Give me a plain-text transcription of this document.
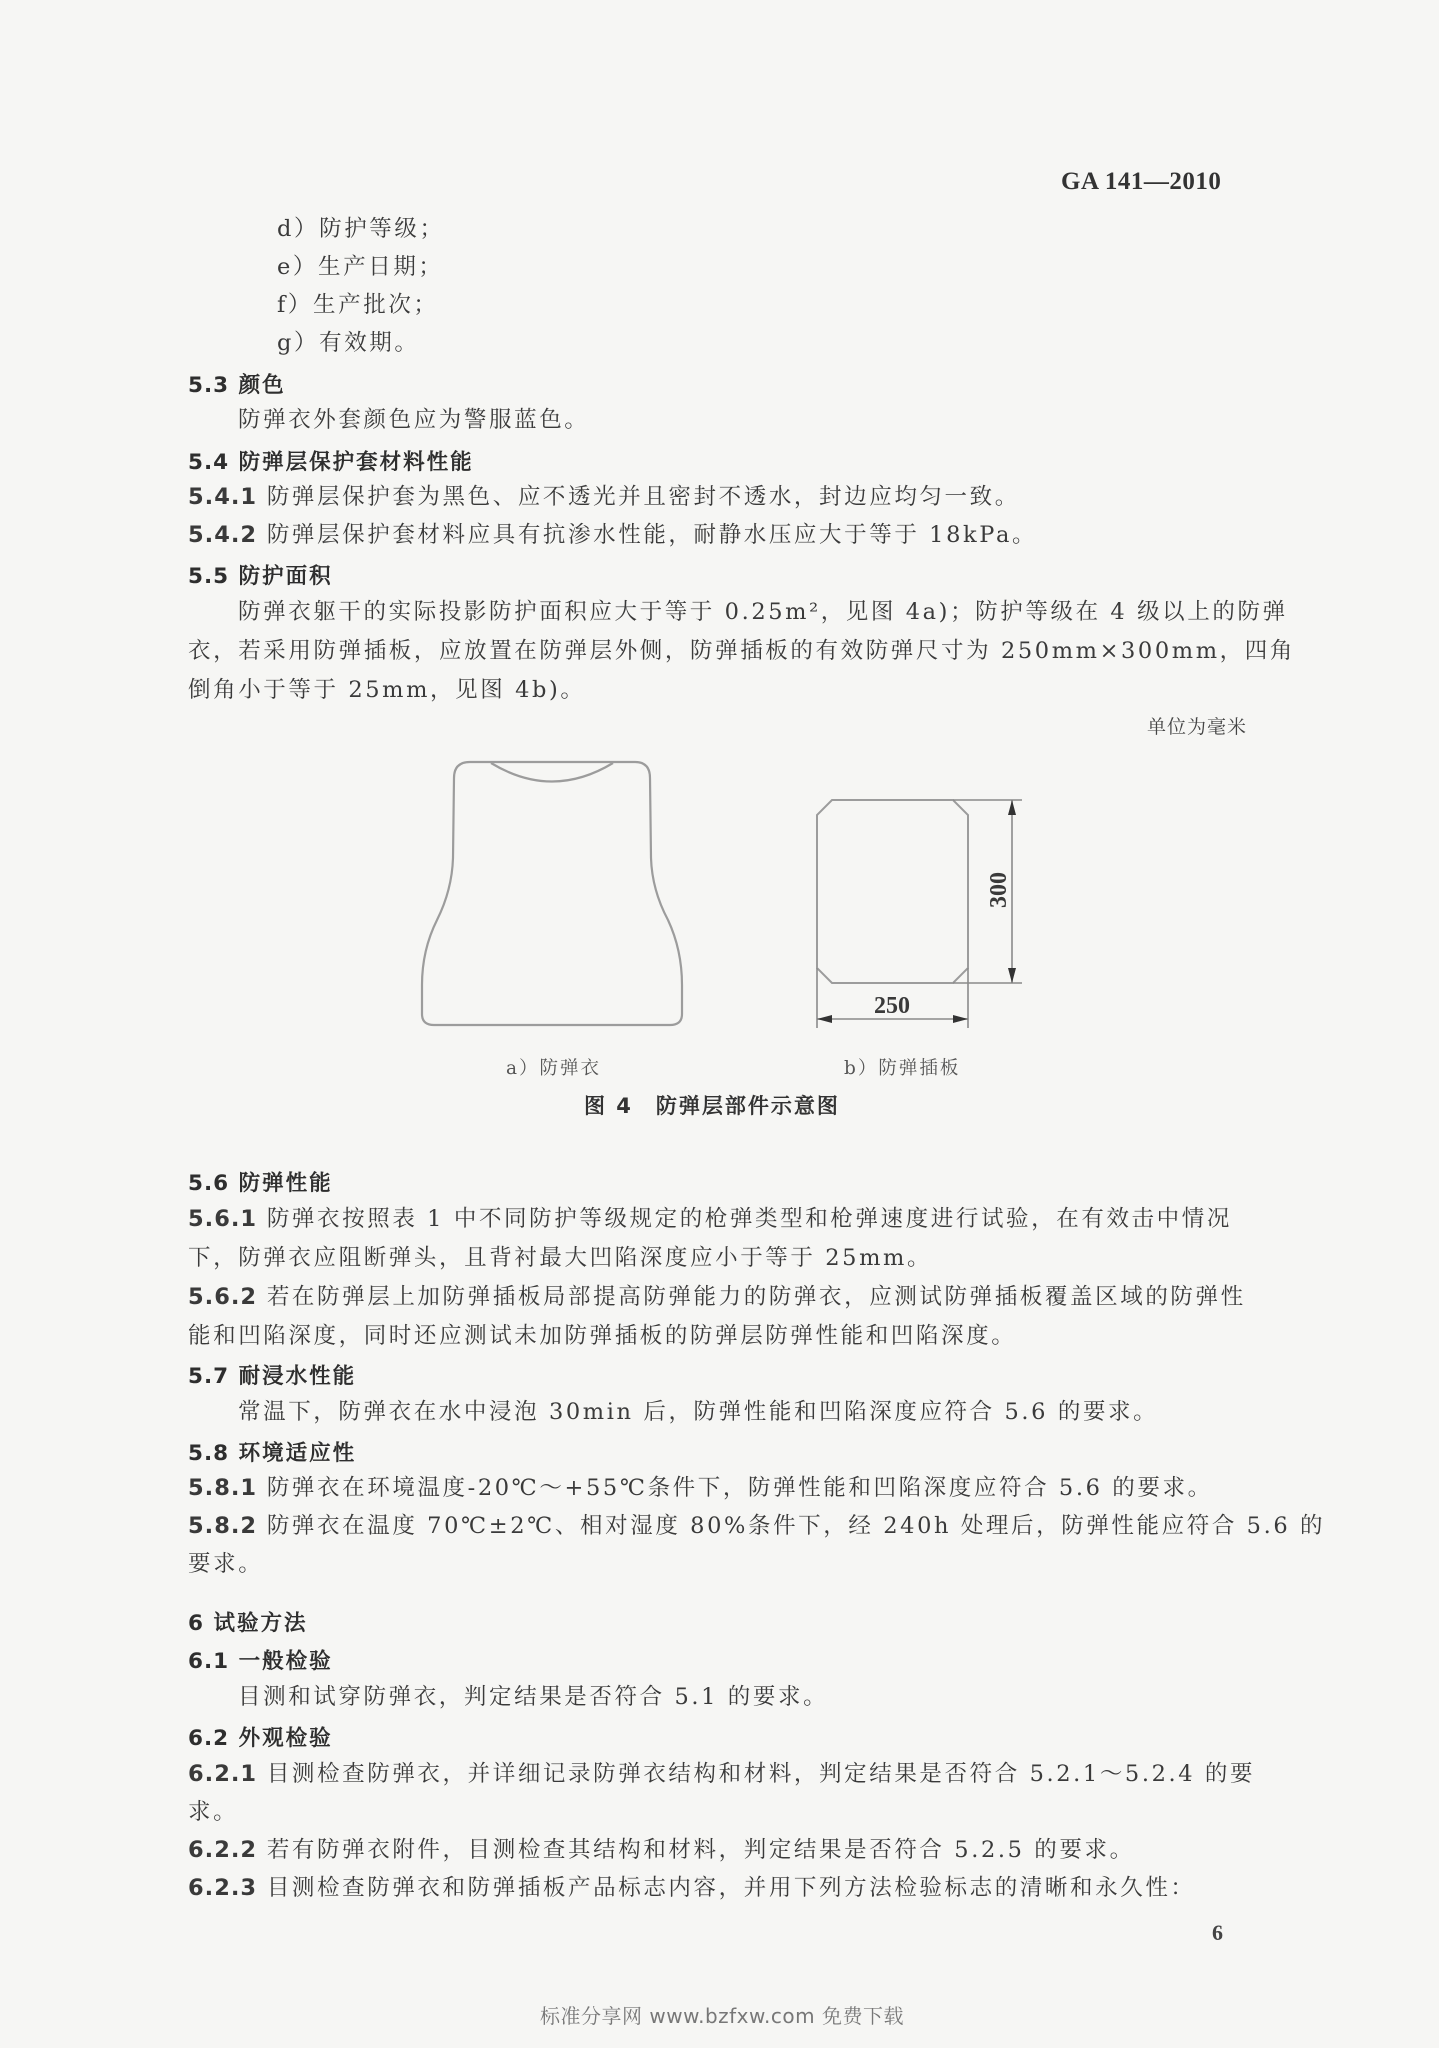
GA 141—2010
d）防护等级；
e）生产日期；
f）生产批次；
g）有效期。
5.3 颜色
防弹衣外套颜色应为警服蓝色。
5.4 防弹层保护套材料性能
5.4.1 防弹层保护套为黑色、应不透光并且密封不透水，封边应均匀一致。
5.4.2 防弹层保护套材料应具有抗渗水性能，耐静水压应大于等于 18kPa。
5.5 防护面积
防弹衣躯干的实际投影防护面积应大于等于 0.25m²，见图 4a)；防护等级在 4 级以上的防弹
衣，若采用防弹插板，应放置在防弹层外侧，防弹插板的有效防弹尺寸为 250mm×300mm，四角
倒角小于等于 25mm，见图 4b)。
单位为毫米
250
300
a）防弹衣	b）防弹插板
图 4　防弹层部件示意图
5.6 防弹性能
5.6.1 防弹衣按照表 1 中不同防护等级规定的枪弹类型和枪弹速度进行试验，在有效击中情况
下，防弹衣应阻断弹头，且背衬最大凹陷深度应小于等于 25mm。
5.6.2 若在防弹层上加防弹插板局部提高防弹能力的防弹衣，应测试防弹插板覆盖区域的防弹性
能和凹陷深度，同时还应测试未加防弹插板的防弹层防弹性能和凹陷深度。
5.7 耐浸水性能
常温下，防弹衣在水中浸泡 30min 后，防弹性能和凹陷深度应符合 5.6 的要求。
5.8 环境适应性
5.8.1 防弹衣在环境温度-20℃～+55℃条件下，防弹性能和凹陷深度应符合 5.6 的要求。
5.8.2 防弹衣在温度 70℃±2℃、相对湿度 80%条件下，经 240h 处理后，防弹性能应符合 5.6 的
要求。
6 试验方法
6.1 一般检验
目测和试穿防弹衣，判定结果是否符合 5.1 的要求。
6.2 外观检验
6.2.1 目测检查防弹衣，并详细记录防弹衣结构和材料，判定结果是否符合 5.2.1～5.2.4 的要
求。
6.2.2 若有防弹衣附件，目测检查其结构和材料，判定结果是否符合 5.2.5 的要求。
6.2.3 目测检查防弹衣和防弹插板产品标志内容，并用下列方法检验标志的清晰和永久性：
6
标准分享网 www.bzfxw.com 免费下载
